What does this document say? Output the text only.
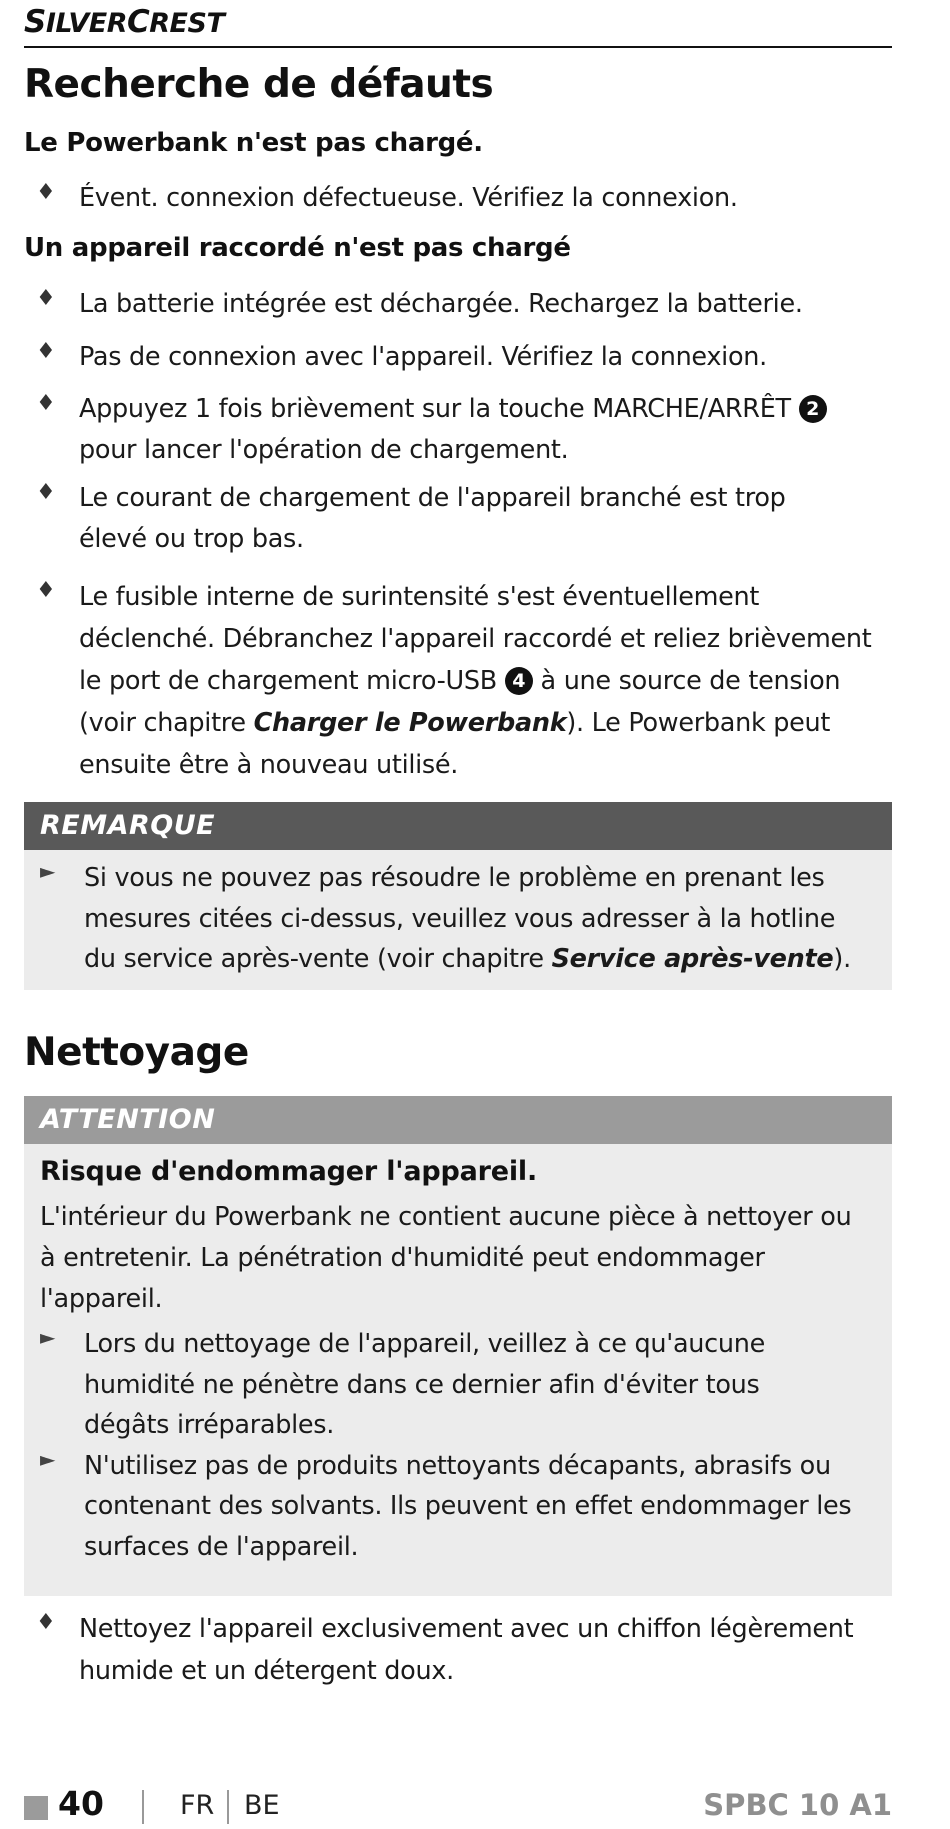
SILVERCREST
Recherche de défauts
Le Powerbank n'est pas chargé.
♦ Évent. connexion défectueuse. Vérifiez la connexion.
Un appareil raccordé n'est pas chargé
♦ La batterie intégrée est déchargée. Rechargez la batterie.
♦ Pas de connexion avec l'appareil. Vérifiez la connexion.
♦ Appuyez 1 fois brièvement sur la touche MARCHE/ARRÊT 2 pour lancer l'opération de chargement.
♦ Le courant de chargement de l'appareil branché est trop élevé ou trop bas.
♦ Le fusible interne de surintensité s'est éventuellement déclenché. Débranchez l'appareil raccordé et reliez brièvement le port de chargement micro-USB 4 à une source de tension (voir chapitre Charger le Powerbank). Le Powerbank peut ensuite être à nouveau utilisé.
REMARQUE
► Si vous ne pouvez pas résoudre le problème en prenant les mesures citées ci-dessus, veuillez vous adresser à la hotline du service après-vente (voir chapitre Service après-vente).
Nettoyage
ATTENTION
Risque d'endommager l'appareil.
L'intérieur du Powerbank ne contient aucune pièce à nettoyer ou à entretenir. La pénétration d'humidité peut endommager l'appareil.
► Lors du nettoyage de l'appareil, veillez à ce qu'aucune humidité ne pénètre dans ce dernier afin d'éviter tous dégâts irréparables.
► N'utilisez pas de produits nettoyants décapants, abrasifs ou contenant des solvants. Ils peuvent en effet endommager les surfaces de l'appareil.
♦ Nettoyez l'appareil exclusivement avec un chiffon légèrement humide et un détergent doux.
40	FR BE	SPBC 10 A1
